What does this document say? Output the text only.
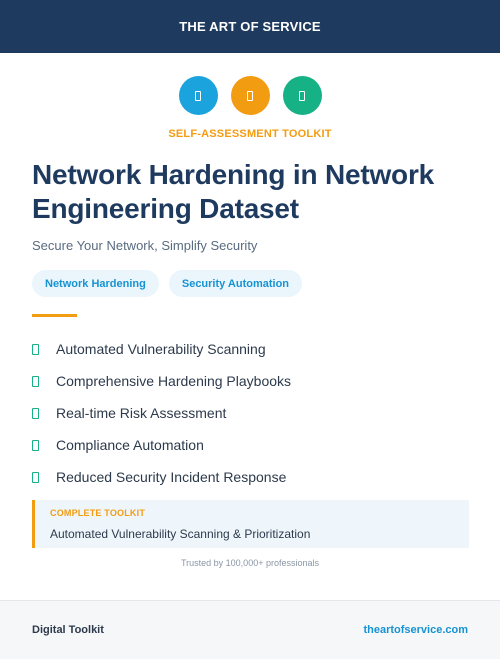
THE ART OF SERVICE
SELF-ASSESSMENT TOOLKIT
Network Hardening in Network Engineering Dataset
Secure Your Network, Simplify Security
Network Hardening	Security Automation
Automated Vulnerability Scanning
Comprehensive Hardening Playbooks
Real-time Risk Assessment
Compliance Automation
Reduced Security Incident Response
COMPLETE TOOLKIT
Automated Vulnerability Scanning & Prioritization
Trusted by 100,000+ professionals
Digital Toolkit	theartofservice.com
